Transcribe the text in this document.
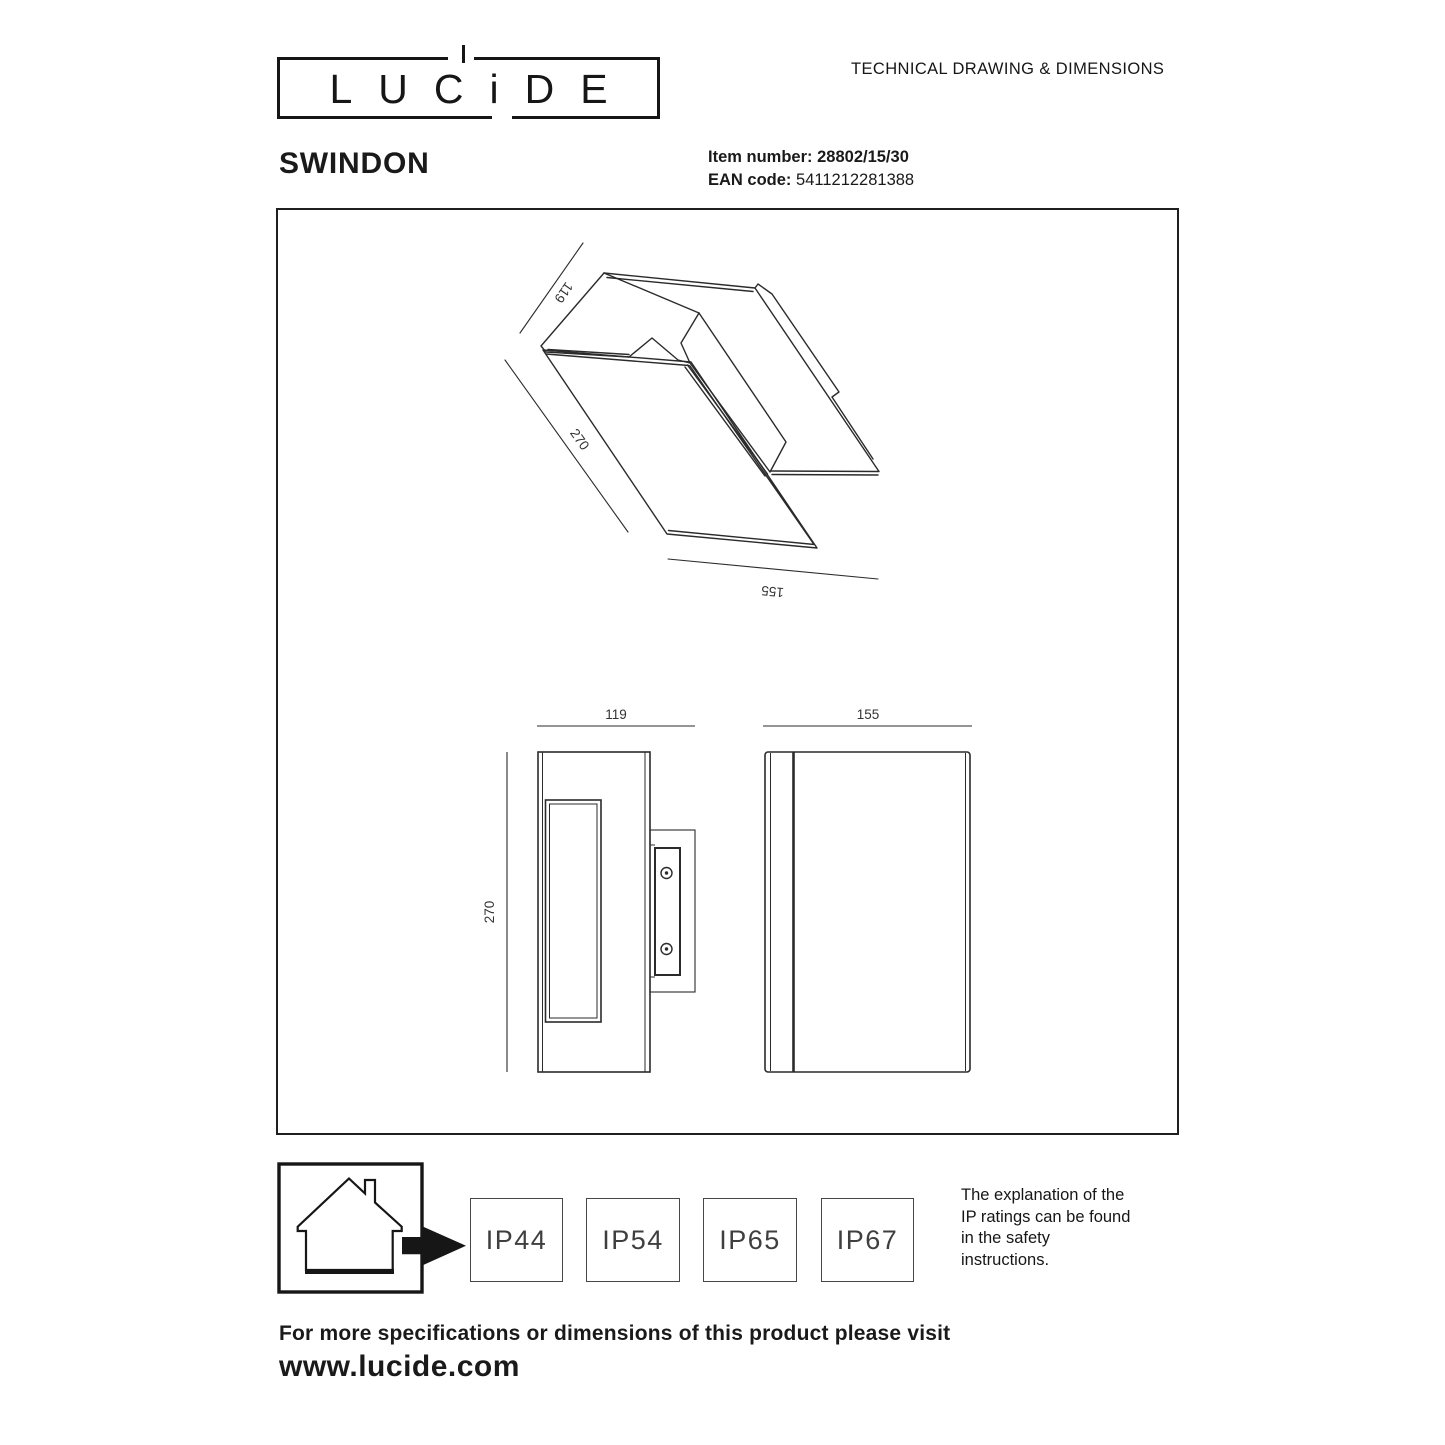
LUCiDE	TECHNICAL DRAWING & DIMENSIONS
SWINDON	Item number: 28802/15/30
EAN code: 5411212281388
119
270
155
119
270
155
IP44 IP54 IP65 IP67
The explanation of the
IP ratings can be found
in the safety
instructions.
For more specifications or dimensions of this product please visit
www.lucide.com
